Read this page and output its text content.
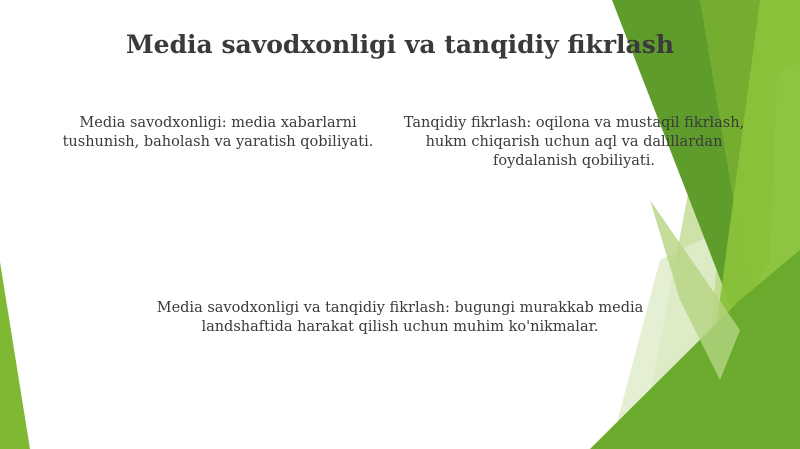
Media savodxonligi va tanqidiy fikrlash
Media savodxonligi: media xabarlarni tushunish, baholash va yaratish qobiliyati.
Tanqidiy fikrlash: oqilona va mustaqil fikrlash, hukm chiqarish uchun aql va dalillardan foydalanish qobiliyati.
Media savodxonligi va tanqidiy fikrlash: bugungi murakkab media landshaftida harakat qilish uchun muhim ko'nikmalar.
